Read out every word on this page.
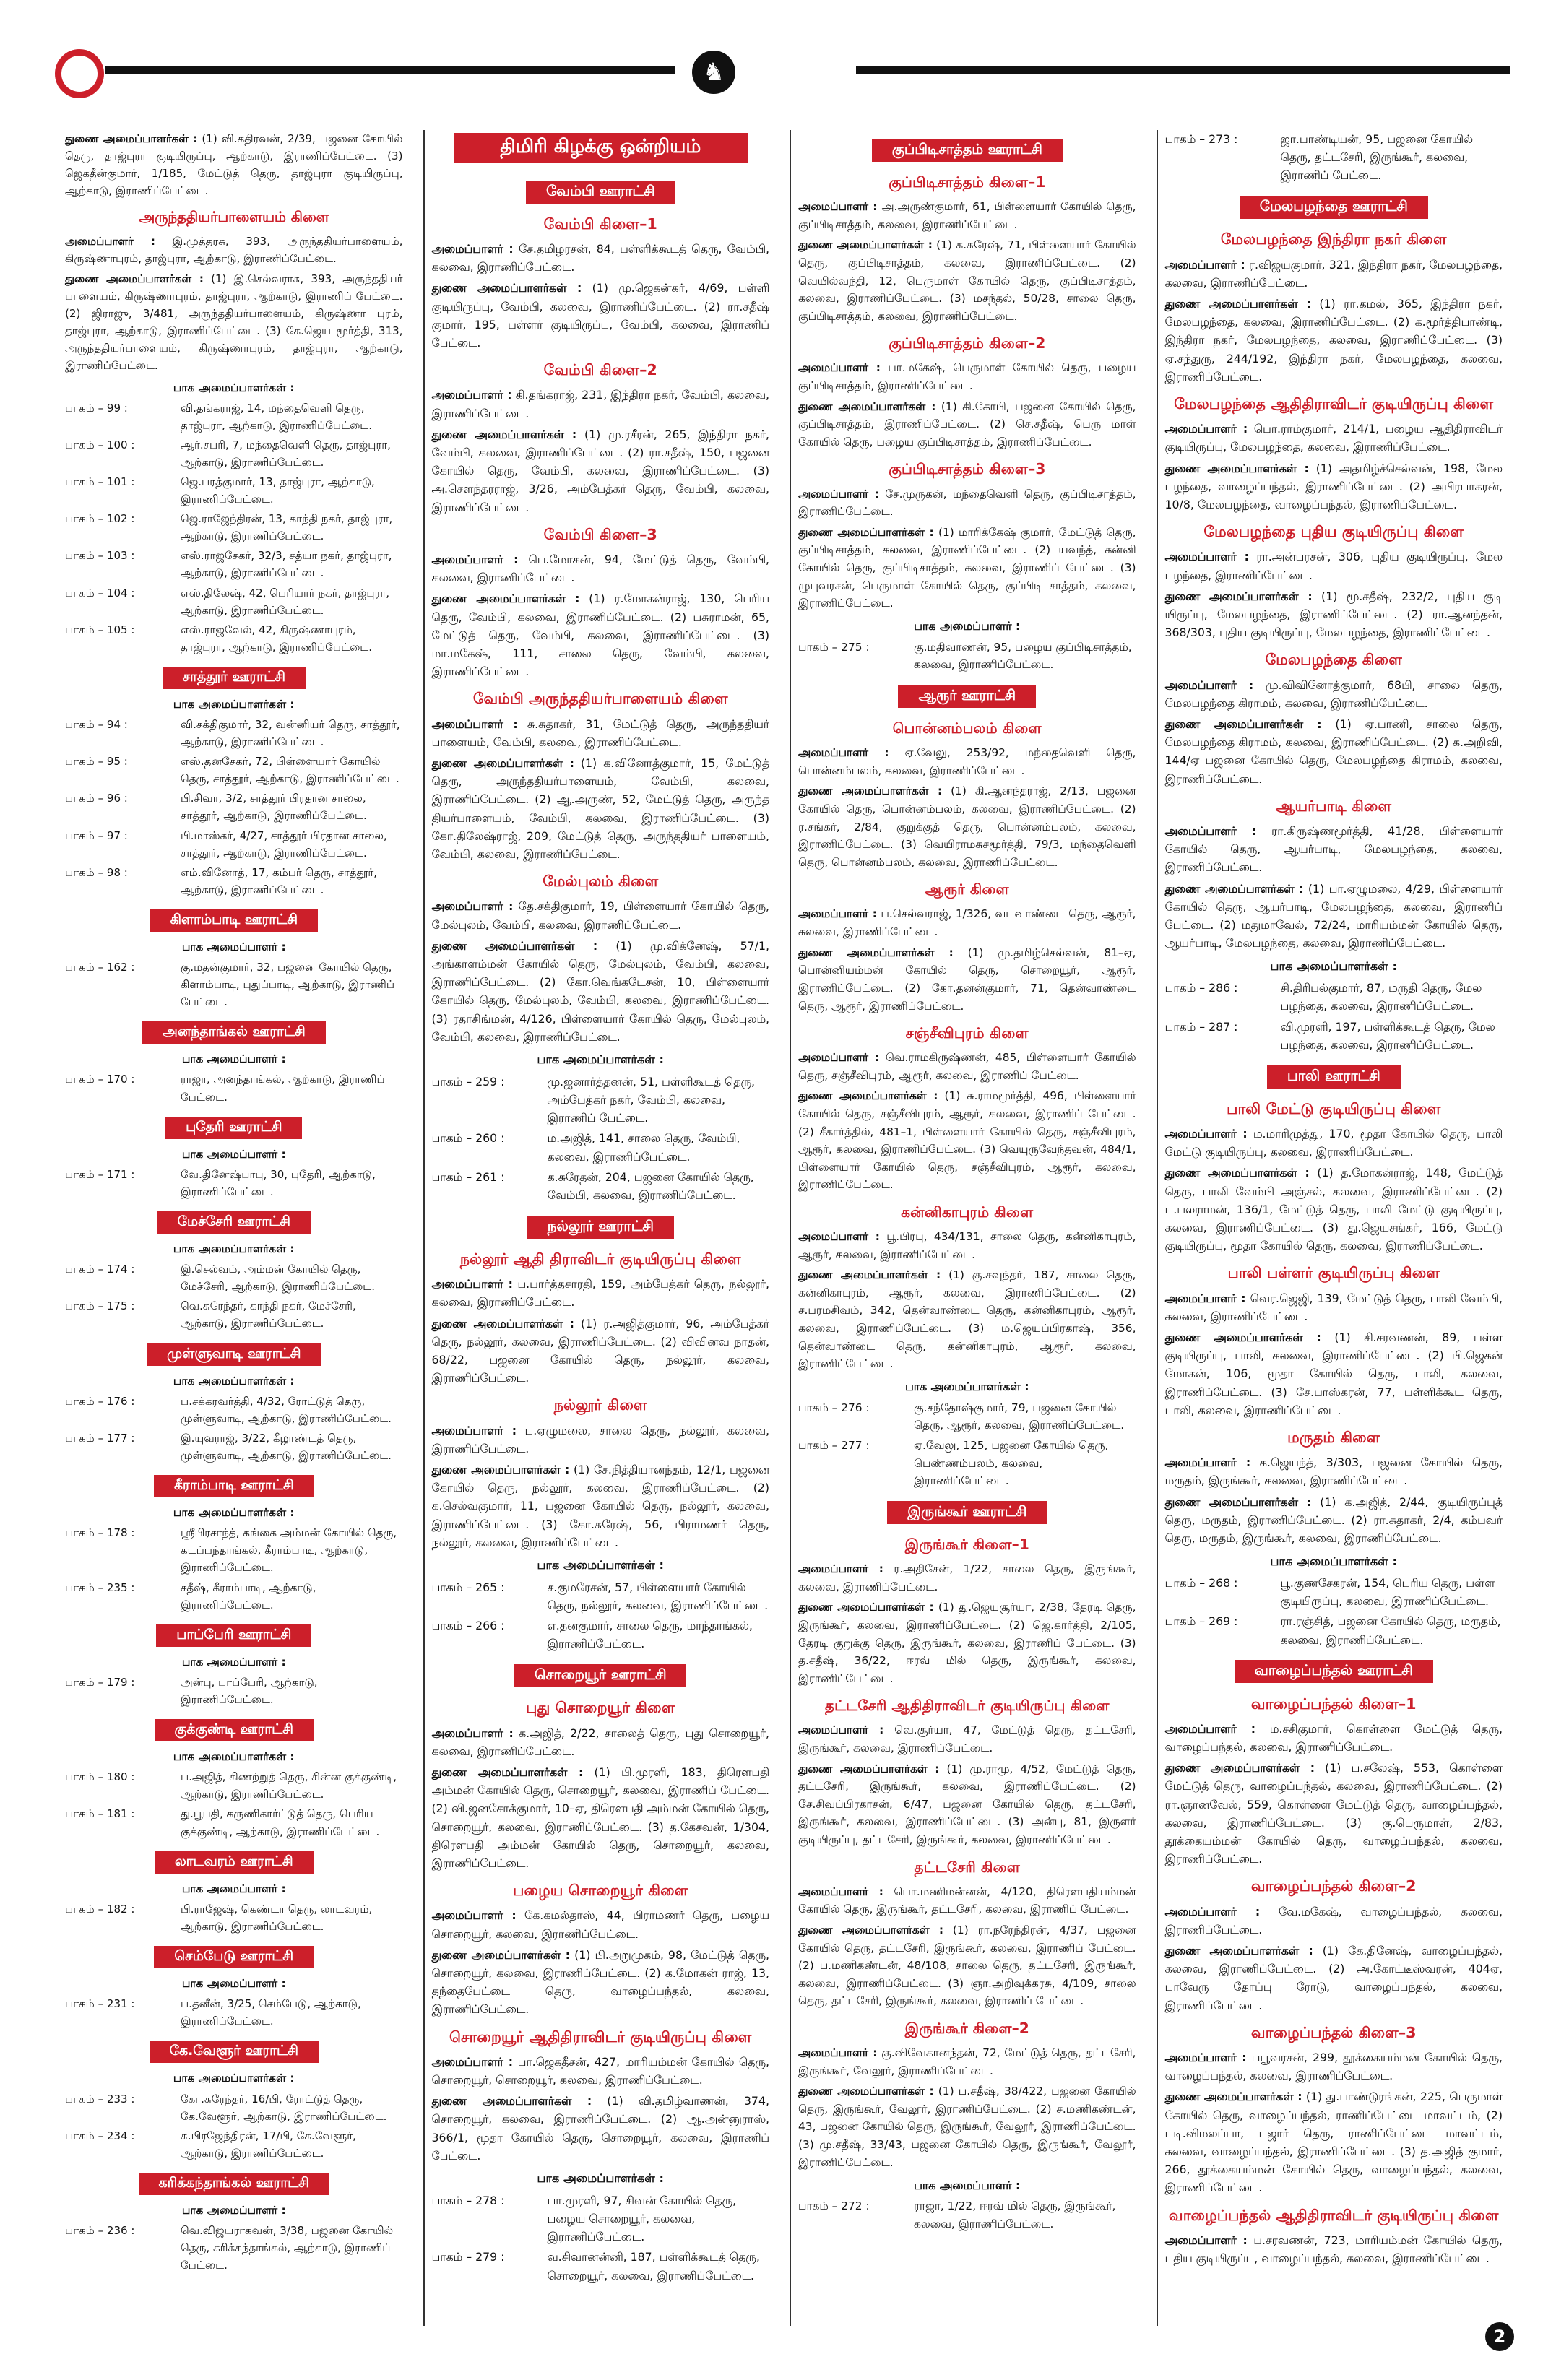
♞
துணை அமைப்பாளர்கள் : (1) வி.கதிரவன், 2/39, பஜனை கோயில் தெரு, தாஜ்புரா குடியிருப்பு, ஆற்காடு, இராணிப்பேட்டை. (3) ஜெகதீன்குமார், 1/185, மேட்டுத் தெரு, தாஜ்புரா குடியிருப்பு, ஆற்காடு, இராணிப்பேட்டை.
அருந்ததியர்பாளையம் கிளை
அமைப்பாளர் : இ.முத்தரசு, 393, அருந்ததியர்பாளையம், கிருஷ்ணாபுரம், தாஜ்புரா, ஆற்காடு, இராணிப்பேட்டை.
துணை அமைப்பாளர்கள் : (1) இ.செல்வராசு, 393, அருந்ததியர் பாளையம், கிருஷ்ணாபுரம், தாஜ்புரா, ஆற்காடு, இராணிப் பேட்டை. (2) ஜிராஜு, 3/481, அருந்ததியர்பாளையம், கிருஷ்ணா புரம், தாஜ்புரா, ஆற்காடு, இராணிப்பேட்டை. (3) கே.ஜெய மூர்த்தி, 313, அருந்ததியர்பாளையம், கிருஷ்ணாபுரம், தாஜ்புரா, ஆற்காடு, இராணிப்பேட்டை.
பாக அமைப்பாளர்கள் :
பாகம் – 99 :	வி.தங்கராஜ், 14, மந்தைவெளி தெரு, தாஜ்புரா, ஆற்காடு, இராணிப்பேட்டை.
பாகம் – 100 :	ஆர்.சபரி, 7, மந்தைவெளி தெரு, தாஜ்புரா, ஆற்காடு, இராணிப்பேட்டை.
பாகம் – 101 :	ஜெ.பரத்குமார், 13, தாஜ்புரா, ஆற்காடு, இராணிப்பேட்டை.
பாகம் – 102 :	ஜெ.ராஜேந்திரன், 13, காந்தி நகர், தாஜ்புரா, ஆற்காடு, இராணிப்பேட்டை.
பாகம் – 103 :	எஸ்.ராஜசேகர், 32/3, சத்யா நகர், தாஜ்புரா, ஆற்காடு, இராணிப்பேட்டை.
பாகம் – 104 :	எஸ்.திலேஷ், 42, பெரியார் நகர், தாஜ்புரா, ஆற்காடு, இராணிப்பேட்டை.
பாகம் – 105 :	எஸ்.ராஜவேல், 42, கிருஷ்ணாபுரம், தாஜ்புரா, ஆற்காடு, இராணிப்பேட்டை.
சாத்தூர் ஊராட்சி
பாக அமைப்பாளர்கள் :
பாகம் – 94 :	வி.சக்திகுமார், 32, வன்னியர் தெரு, சாத்தூர், ஆற்காடு, இராணிப்பேட்டை.
பாகம் – 95 :	எஸ்.தனசேகர், 72, பிள்ளையார் கோயில் தெரு, சாத்தூர், ஆற்காடு, இராணிப்பேட்டை.
பாகம் – 96 :	பி.சிவா, 3/2, சாத்தூர் பிரதான சாலை, சாத்தூர், ஆற்காடு, இராணிப்பேட்டை.
பாகம் – 97 :	பி.மாஸ்கர், 4/27, சாத்தூர் பிரதான சாலை, சாத்தூர், ஆற்காடு, இராணிப்பேட்டை.
பாகம் – 98 :	எம்.வினோத், 17, கம்பர் தெரு, சாத்தூர், ஆற்காடு, இராணிப்பேட்டை.
கிளாம்பாடி ஊராட்சி
பாக அமைப்பாளர் :
பாகம் – 162 :	கு.மதன்குமார், 32, பஜனை கோயில் தெரு, கிளாம்பாடி, புதுப்பாடி, ஆற்காடு, இராணிப் பேட்டை.
அனந்தாங்கல் ஊராட்சி
பாக அமைப்பாளர் :
பாகம் – 170 :	ராஜா, அனந்தாங்கல், ஆற்காடு, இராணிப் பேட்டை.
புதேரி ஊராட்சி
பாக அமைப்பாளர் :
பாகம் – 171 :	வே.தினேஷ்பாபு, 30, புதேரி, ஆற்காடு, இராணிப்பேட்டை.
மேச்சேரி ஊராட்சி
பாக அமைப்பாளர்கள் :
பாகம் – 174 :	இ.செல்வம், அம்மன் கோயில் தெரு, மேச்சேரி, ஆற்காடு, இராணிப்பேட்டை.
பாகம் – 175 :	வெ.சுரேந்தர், காந்தி நகர், மேச்சேரி, ஆற்காடு, இராணிப்பேட்டை.
முள்ளுவாடி ஊராட்சி
பாக அமைப்பாளர்கள் :
பாகம் – 176 :	ப.சக்கரவர்த்தி, 4/32, ரோட்டுத் தெரு, முள்ளுவாடி, ஆற்காடு, இராணிப்பேட்டை.
பாகம் – 177 :	இ.யுவராஜ், 3/22, கீழாண்டத் தெரு, முள்ளுவாடி, ஆற்காடு, இராணிப்பேட்டை.
கீராம்பாடி ஊராட்சி
பாக அமைப்பாளர்கள் :
பாகம் – 178 :	ஸ்ரீபிரசாந்த், கங்கை அம்மன் கோயில் தெரு, கடப்பந்தாங்கல், கீராம்பாடி, ஆற்காடு, இராணிப்பேட்டை.
பாகம் – 235 :	சதீஷ், கீராம்பாடி, ஆற்காடு, இராணிப்பேட்டை.
பாப்பேரி ஊராட்சி
பாக அமைப்பாளர் :
பாகம் – 179 :	அன்பு, பாப்பேரி, ஆற்காடு, இராணிப்பேட்டை.
குக்குண்டி ஊராட்சி
பாக அமைப்பாளர்கள் :
பாகம் – 180 :	ப.அஜித், கிணற்றுத் தெரு, சின்ன குக்குண்டி, ஆற்காடு, இராணிப்பேட்டை.
பாகம் – 181 :	து.பூபதி, கருணிகார்ட்டுத் தெரு, பெரிய குக்குண்டி, ஆற்காடு, இராணிப்பேட்டை.
லாடவரம் ஊராட்சி
பாக அமைப்பாளர் :
பாகம் – 182 :	பி.ராஜேஷ், கெண்டா தெரு, லாடவரம், ஆற்காடு, இராணிப்பேட்டை.
செம்பேடு ஊராட்சி
பாக அமைப்பாளர் :
பாகம் – 231 :	ப.தனீன், 3/25, செம்பேடு, ஆற்காடு, இராணிப்பேட்டை.
கே.வேளூர் ஊராட்சி
பாக அமைப்பாளர்கள் :
பாகம் – 233 :	கோ.சுரேந்தர், 16/பி, ரோட்டுத் தெரு, கே.வேளூர், ஆற்காடு, இராணிப்பேட்டை.
பாகம் – 234 :	சு.பிரஜேந்திரன், 17/பி, கே.வேளூர், ஆற்காடு, இராணிப்பேட்டை.
கரிக்கந்தாங்கல் ஊராட்சி
பாக அமைப்பாளர் :
பாகம் – 236 :	வெ.விஜயராகவன், 3/38, பஜனை கோயில் தெரு, கரிக்கந்தாங்கல், ஆற்காடு, இராணிப் பேட்டை.
திமிரி கிழக்கு ஒன்றியம்
வேம்பி ஊராட்சி
வேம்பி கிளை–1
அமைப்பாளர் : சே.தமிழரசன், 84, பள்ளிக்கூடத் தெரு, வேம்பி, கலவை, இராணிப்பேட்டை.
துணை அமைப்பாளர்கள் : (1) மு.ஜெகன்கர், 4/69, பள்ளி குடியிருப்பு, வேம்பி, கலவை, இராணிப்பேட்டை. (2) ரா.சதீஷ் குமார், 195, பள்ளர் குடியிருப்பு, வேம்பி, கலவை, இராணிப் பேட்டை.
வேம்பி கிளை–2
அமைப்பாளர் : கி.தங்கராஜ், 231, இந்திரா நகர், வேம்பி, கலவை, இராணிப்பேட்டை.
துணை அமைப்பாளர்கள் : (1) மு.ரசீரன், 265, இந்திரா நகர், வேம்பி, கலவை, இராணிப்பேட்டை. (2) ரா.சதீஷ், 150, பஜனை கோயில் தெரு, வேம்பி, கலவை, இராணிப்பேட்டை. (3) அ.சௌந்தரராஜ், 3/26, அம்பேத்கர் தெரு, வேம்பி, கலவை, இராணிப்பேட்டை.
வேம்பி கிளை–3
அமைப்பாளர் : பெ.மோகன், 94, மேட்டுத் தெரு, வேம்பி, கலவை, இராணிப்பேட்டை.
துணை அமைப்பாளர்கள் : (1) ர.மோகன்ராஜ், 130, பெரிய தெரு, வேம்பி, கலவை, இராணிப்பேட்டை. (2) பசுராமன், 65, மேட்டுத் தெரு, வேம்பி, கலவை, இராணிப்பேட்டை. (3) மா.மகேஷ், 111, சாலை தெரு, வேம்பி, கலவை, இராணிப்பேட்டை.
வேம்பி அருந்ததியர்பாளையம் கிளை
அமைப்பாளர் : சு.சுதாகர், 31, மேட்டுத் தெரு, அருந்ததியர் பாளையம், வேம்பி, கலவை, இராணிப்பேட்டை.
துணை அமைப்பாளர்கள் : (1) க.வினோத்குமார், 15, மேட்டுத் தெரு, அருந்ததியர்பாளையம், வேம்பி, கலவை, இராணிப்பேட்டை. (2) ஆ.அருண், 52, மேட்டுத் தெரு, அருந்த தியர்பாளையம், வேம்பி, கலவை, இராணிப்பேட்டை. (3) கோ.திலேஷ்ராஜ், 209, மேட்டுத் தெரு, அருந்ததியர் பாளையம், வேம்பி, கலவை, இராணிப்பேட்டை.
மேல்புலம் கிளை
அமைப்பாளர் : தே.சக்திகுமார், 19, பிள்ளையார் கோயில் தெரு, மேல்புலம், வேம்பி, கலவை, இராணிப்பேட்டை.
துணை அமைப்பாளர்கள் : (1) மு.விக்னேஷ், 57/1, அங்காளம்மன் கோயில் தெரு, மேல்புலம், வேம்பி, கலவை, இராணிப்பேட்டை. (2) கோ.வெங்கடேசன், 10, பிள்ளையார் கோயில் தெரு, மேல்புலம், வேம்பி, கலவை, இராணிப்பேட்டை. (3) ரதாசிங்மன், 4/126, பிள்ளையார் கோயில் தெரு, மேல்புலம், வேம்பி, கலவை, இராணிப்பேட்டை.
பாக அமைப்பாளர்கள் :
பாகம் – 259 :	மு.ஜனார்த்தனன், 51, பள்ளிகூடத் தெரு, அம்பேத்கர் நகர், வேம்பி, கலவை, இராணிப் பேட்டை.
பாகம் – 260 :	ம.அஜித், 141, சாலை தெரு, வேம்பி, கலவை, இராணிப்பேட்டை.
பாகம் – 261 :	க.சுரேதன், 204, பஜனை கோயில் தெரு, வேம்பி, கலவை, இராணிப்பேட்டை.
நல்லூர் ஊராட்சி
நல்லூர் ஆதி திராவிடர் குடியிருப்பு கிளை
அமைப்பாளர் : ப.பார்த்தசாரதி, 159, அம்பேத்கர் தெரு, நல்லூர், கலவை, இராணிப்பேட்டை.
துணை அமைப்பாளர்கள் : (1) ர.அஜித்குமார், 96, அம்பேத்கர் தெரு, நல்லூர், கலவை, இராணிப்பேட்டை. (2) விவினவ நாதன், 68/22, பஜனை கோயில் தெரு, நல்லூர், கலவை, இராணிப்பேட்டை.
நல்லூர் கிளை
அமைப்பாளர் : ப.ஏழுமலை, சாலை தெரு, நல்லூர், கலவை, இராணிப்பேட்டை.
துணை அமைப்பாளர்கள் : (1) சே.நித்தியானந்தம், 12/1, பஜனை கோயில் தெரு, நல்லூர், கலவை, இராணிப்பேட்டை. (2) க.செல்வகுமார், 11, பஜனை கோயில் தெரு, நல்லூர், கலவை, இராணிப்பேட்டை. (3) கோ.சுரேஷ், 56, பிராமணர் தெரு, நல்லூர், கலவை, இராணிப்பேட்டை.
பாக அமைப்பாளர்கள் :
பாகம் – 265 :	ச.குமரேசன், 57, பிள்ளையார் கோயில் தெரு, நல்லூர், கலவை, இராணிப்பேட்டை.
பாகம் – 266 :	எ.தனகுமார், சாலை தெரு, மாந்தாங்கல், இராணிப்பேட்டை.
சொறையூர் ஊராட்சி
புது சொறையூர் கிளை
அமைப்பாளர் : க.அஜித், 2/22, சாலைத் தெரு, புது சொறையூர், கலவை, இராணிப்பேட்டை.
துணை அமைப்பாளர்கள் : (1) பி.முரளி, 183, திரௌபதி அம்மன் கோயில் தெரு, சொறையூர், கலவை, இராணிப் பேட்டை. (2) வி.ஜனசோக்குமார், 10–ஏ, திரௌபதி அம்மன் கோயில் தெரு, சொறையூர், கலவை, இராணிப்பேட்டை. (3) த.கேசவன், 1/304, திரௌபதி அம்மன் கோயில் தெரு, சொறையூர், கலவை, இராணிப்பேட்டை.
பழைய சொறையூர் கிளை
அமைப்பாளர் : கே.கமல்தாஸ், 44, பிராமணர் தெரு, பழைய சொறையூர், கலவை, இராணிப்பேட்டை.
துணை அமைப்பாளர்கள் : (1) பி.அறுமுகம், 98, மேட்டுத் தெரு, சொறையூர், கலவை, இராணிப்பேட்டை. (2) க.மோகன் ராஜ், 13, தந்தைபேட்டை தெரு, வாழைப்பந்தல், கலவை, இராணிப்பேட்டை.
சொறையூர் ஆதிதிராவிடர் குடியிருப்பு கிளை
அமைப்பாளர் : பா.ஜெகதீசன், 427, மாரியம்மன் கோயில் தெரு, சொறையூர், சொறையூர், கலவை, இராணிப்பேட்டை.
துணை அமைப்பாளர்கள் : (1) வி.தமிழ்வாணன், 374, சொறையூர், கலவை, இராணிப்பேட்டை. (2) ஆ.அன்னுராஸ், 366/1, மூதா கோயில் தெரு, சொறையூர், கலவை, இராணிப் பேட்டை.
பாக அமைப்பாளர்கள் :
பாகம் – 278 :	பா.முரளி, 97, சிவன் கோயில் தெரு, பழைய சொறையூர், கலவை, இராணிப்பேட்டை.
பாகம் – 279 :	வ.சிவானன்னி, 187, பள்ளிக்கூடத் தெரு, சொறையூர், கலவை, இராணிப்பேட்டை.
குப்பிடிசாத்தம் ஊராட்சி
குப்பிடிசாத்தம் கிளை–1
அமைப்பாளர் : அ.அருண்குமார், 61, பிள்ளையார் கோயில் தெரு, குப்பிடிசாத்தம், கலவை, இராணிப்பேட்டை.
துணை அமைப்பாளர்கள் : (1) க.சுரேஷ், 71, பிள்ளையார் கோயில் தெரு, குப்பிடிசாத்தம், கலவை, இராணிப்பேட்டை. (2) வெயில்வந்தி, 12, பெருமாள் கோயில் தெரு, குப்பிடிசாத்தம், கலவை, இராணிப்பேட்டை. (3) மசந்தல், 50/28, சாலை தெரு, குப்பிடிசாத்தம், கலவை, இராணிப்பேட்டை.
குப்பிடிசாத்தம் கிளை–2
அமைப்பாளர் : பா.மகேஷ், பெருமாள் கோயில் தெரு, பழைய குப்பிடிசாத்தம், இராணிப்பேட்டை.
துணை அமைப்பாளர்கள் : (1) கி.கோபி, பஜனை கோயில் தெரு, குப்பிடிசாத்தம், இராணிப்பேட்டை. (2) செ.சதீஷ், பெரு மாள் கோயில் தெரு, பழைய குப்பிடிசாத்தம், இராணிப்பேட்டை.
குப்பிடிசாத்தம் கிளை–3
அமைப்பாளர் : சே.முருகன், மந்தைவெளி தெரு, குப்பிடிசாத்தம், இராணிப்பேட்டை.
துணை அமைப்பாளர்கள் : (1) மாரிக்கேஷ் குமார், மேட்டுத் தெரு, குப்பிடிசாத்தம், கலவை, இராணிப்பேட்டை. (2) யவந்த், கன்னி கோயில் தெரு, குப்பிடிசாத்தம், கலவை, இராணிப் பேட்டை. (3) ழுபுவரசன், பெருமாள் கோயில் தெரு, குப்பிடி சாத்தம், கலவை, இராணிப்பேட்டை.
பாக அமைப்பாளர் :
பாகம் – 275 :	கு.மதிவாணன், 95, பழைய குப்பிடிசாத்தம், கலவை, இராணிப்பேட்டை.
ஆரூர் ஊராட்சி
பொன்னம்பலம் கிளை
அமைப்பாளர் : ஏ.வேலு, 253/92, மந்தைவெளி தெரு, பொன்னம்பலம், கலவை, இராணிப்பேட்டை.
துணை அமைப்பாளர்கள் : (1) கி.ஆனந்தராஜ், 2/13, பஜனை கோயில் தெரு, பொன்னம்பலம், கலவை, இராணிப்பேட்டை. (2) ர.சங்கர், 2/84, குறுக்குத் தெரு, பொன்னம்பலம், கலவை, இராணிப்பேட்டை. (3) வெயிராமசுசமூர்த்தி, 79/3, மந்தைவெளி தெரு, பொன்னம்பலம், கலவை, இராணிப்பேட்டை.
ஆரூர் கிளை
அமைப்பாளர் : ப.செல்வராஜ், 1/326, வடவாண்டை தெரு, ஆரூர், கலவை, இராணிப்பேட்டை.
துணை அமைப்பாளர்கள் : (1) மு.தமிழ்செல்வன், 81–ஏ, பொன்னியம்மன் கோயில் தெரு, சொறையூர், ஆரூர், இராணிப்பேட்டை. (2) கோ.தனன்குமார், 71, தென்வாண்டை தெரு, ஆரூர், இராணிப்பேட்டை.
சஞ்சீவிபுரம் கிளை
அமைப்பாளர் : வெ.ராமகிருஷ்ணன், 485, பிள்ளையார் கோயில் தெரு, சஞ்சீவிபுரம், ஆரூர், கலவை, இராணிப் பேட்டை.
துணை அமைப்பாளர்கள் : (1) சு.ராமமூர்த்தி, 496, பிள்ளையார் கோயில் தெரு, சஞ்சீவிபுரம், ஆரூர், கலவை, இராணிப் பேட்டை. (2) சீகார்த்தில், 481–1, பிள்ளையார் கோயில் தெரு, சஞ்சீவிபுரம், ஆரூர், கலவை, இராணிப்பேட்டை. (3) வெயுருவேந்தவன், 484/1, பிள்ளையார் கோயில் தெரு, சஞ்சீவிபுரம், ஆரூர், கலவை, இராணிப்பேட்டை.
கன்னிகாபுரம் கிளை
அமைப்பாளர் : பூ.பிரபு, 434/131, சாலை தெரு, கன்னிகாபுரம், ஆரூர், கலவை, இராணிப்பேட்டை.
துணை அமைப்பாளர்கள் : (1) கு.சவுந்தர், 187, சாலை தெரு, கன்னிகாபுரம், ஆரூர், கலவை, இராணிப்பேட்டை. (2) ச.பரமசிவம், 342, தென்வாண்டை தெரு, கன்னிகாபுரம், ஆரூர், கலவை, இராணிப்பேட்டை. (3) ம.ஜெயப்பிரகாஷ், 356, தென்வாண்டை தெரு, கன்னிகாபுரம், ஆரூர், கலவை, இராணிப்பேட்டை.
பாக அமைப்பாளர்கள் :
பாகம் – 276 :	கு.சந்தோஷ்குமார், 79, பஜனை கோயில் தெரு, ஆரூர், கலவை, இராணிப்பேட்டை.
பாகம் – 277 :	ஏ.வேலு, 125, பஜனை கோயில் தெரு, பெண்ணம்பலம், கலவை, இராணிப்பேட்டை.
இருங்கூர் ஊராட்சி
இருங்கூர் கிளை–1
அமைப்பாளர் : ர.அதிசேன், 1/22, சாலை தெரு, இருங்கூர், கலவை, இராணிப்பேட்டை.
துணை அமைப்பாளர்கள் : (1) து.ஜெயசூர்யா, 2/38, தேரடி தெரு, இருங்கூர், கலவை, இராணிப்பேட்டை. (2) ஜெ.கார்த்தி, 2/105, தேரடி குறுக்கு தெரு, இருங்கூர், கலவை, இராணிப் பேட்டை. (3) த.சதீஷ், 36/22, ஈரவ் மில் தெரு, இருங்கூர், கலவை, இராணிப்பேட்டை.
தட்டசேரி ஆதிதிராவிடர் குடியிருப்பு கிளை
அமைப்பாளர் : வெ.சூர்யா, 47, மேட்டுத் தெரு, தட்டசேரி, இருங்கூர், கலவை, இராணிப்பேட்டை.
துணை அமைப்பாளர்கள் : (1) மு.ராமு, 4/52, மேட்டுத் தெரு, தட்டசேரி, இருங்கூர், கலவை, இராணிப்பேட்டை. (2) சே.சிவப்பிரகாசன், 6/47, பஜனை கோயில் தெரு, தட்டசேரி, இருங்கூர், கலவை, இராணிப்பேட்டை. (3) அன்பு, 81, இருளர் குடியிருப்பு, தட்டசேரி, இருங்கூர், கலவை, இராணிப்பேட்டை.
தட்டசேரி கிளை
அமைப்பாளர் : பொ.மணிமன்னன், 4/120, திரௌபதியம்மன் கோயில் தெரு, இருங்கூர், தட்டசேரி, கலவை, இராணிப் பேட்டை.
துணை அமைப்பாளர்கள் : (1) ரா.நரேந்திரன், 4/37, பஜனை கோயில் தெரு, தட்டசேரி, இருங்கூர், கலவை, இராணிப் பேட்டை. (2) ப.மணிகண்டன், 48/108, சாலை தெரு, தட்டசேரி, இருங்கூர், கலவை, இராணிப்பேட்டை. (3) ஞா.அறிவுக்கரசு, 4/109, சாலை தெரு, தட்டசேரி, இருங்கூர், கலவை, இராணிப் பேட்டை.
இருங்கூர் கிளை–2
அமைப்பாளர் : கு.விவேகானந்தன், 72, மேட்டுத் தெரு, தட்டசேரி, இருங்கூர், வேலூர், இராணிப்பேட்டை.
துணை அமைப்பாளர்கள் : (1) ப.சதீஷ், 38/422, பஜனை கோயில் தெரு, இருங்கூர், வேலூர், இராணிப்பேட்டை. (2) ச.மணிகண்டன், 43, பஜனை கோயில் தெரு, இருங்கூர், வேலூர், இராணிப்பேட்டை. (3) மு.சதீஷ், 33/43, பஜனை கோயில் தெரு, இருங்கூர், வேலூர், இராணிப்பேட்டை.
பாக அமைப்பாளர் :
பாகம் – 272 :	ராஜா, 1/22, ஈரவ் மில் தெரு, இருங்கூர், கலவை, இராணிப்பேட்டை.
பாகம் – 273 :	ஜா.பாண்டியன், 95, பஜனை கோயில் தெரு, தட்டசேரி, இருங்கூர், கலவை, இராணிப் பேட்டை.
மேலபழந்தை ஊராட்சி
மேலபழந்தை இந்திரா நகர் கிளை
அமைப்பாளர் : ர.விஜயகுமார், 321, இந்திரா நகர், மேலபழந்தை, கலவை, இராணிப்பேட்டை.
துணை அமைப்பாளர்கள் : (1) ரா.கமல், 365, இந்திரா நகர், மேலபழந்தை, கலவை, இராணிப்பேட்டை. (2) க.மூர்த்திபாண்டி, இந்திரா நகர், மேலபழந்தை, கலவை, இராணிப்பேட்டை. (3) ஏ.சந்துரு, 244/192, இந்திரா நகர், மேலபழந்தை, கலவை, இராணிப்பேட்டை.
மேலபழந்தை ஆதிதிராவிடர் குடியிருப்பு கிளை
அமைப்பாளர் : பொ.ராம்குமார், 214/1, பழைய ஆதிதிராவிடர் குடியிருப்பு, மேலபழந்தை, கலவை, இராணிப்பேட்டை.
துணை அமைப்பாளர்கள் : (1) அதமிழ்ச்செல்வன், 198, மேல பழந்தை, வாழைப்பந்தல், இராணிப்பேட்டை. (2) அபிரபாகரன், 10/8, மேலபழந்தை, வாழைப்பந்தல், இராணிப்பேட்டை.
மேலபழந்தை புதிய குடியிருப்பு கிளை
அமைப்பாளர் : ரா.அன்பரசன், 306, புதிய குடியிருப்பு, மேல பழந்தை, இராணிப்பேட்டை.
துணை அமைப்பாளர்கள் : (1) மூ.சதீஷ், 232/2, புதிய குடி யிருப்பு, மேலபழந்தை, இராணிப்பேட்டை. (2) ரா.ஆனந்தன், 368/303, புதிய குடியிருப்பு, மேலபழந்தை, இராணிப்பேட்டை.
மேலபழந்தை கிளை
அமைப்பாளர் : மு.விவினோத்குமார், 68பி, சாலை தெரு, மேலபழந்தை கிராமம், கலவை, இராணிப்பேட்டை.
துணை அமைப்பாளர்கள் : (1) ஏ.பாணி, சாலை தெரு, மேலபழந்தை கிராமம், கலவை, இராணிப்பேட்டை. (2) க.அறிவி, 144/ஏ பஜனை கோயில் தெரு, மேலபழந்தை கிராமம், கலவை, இராணிப்பேட்டை.
ஆயர்பாடி கிளை
அமைப்பாளர் : ரா.கிருஷ்ணமூர்த்தி, 41/28, பிள்ளையார் கோயில் தெரு, ஆயர்பாடி, மேலபழந்தை, கலவை, இராணிப்பேட்டை.
துணை அமைப்பாளர்கள் : (1) பா.ஏழுமலை, 4/29, பிள்ளையார் கோயில் தெரு, ஆயர்பாடி, மேலபழந்தை, கலவை, இராணிப் பேட்டை. (2) மதுமாவேல், 72/24, மாரியம்மன் கோயில் தெரு, ஆயர்பாடி, மேலபழந்தை, கலவை, இராணிப்பேட்டை.
பாக அமைப்பாளர்கள் :
பாகம் – 286 :	சி.திரிபல்குமார், 87, மருதி தெரு, மேல பழந்தை, கலவை, இராணிப்பேட்டை.
பாகம் – 287 :	வி.முரளி, 197, பள்ளிக்கூடத் தெரு, மேல பழந்தை, கலவை, இராணிப்பேட்டை.
பாலி ஊராட்சி
பாலி மேட்டு குடியிருப்பு கிளை
அமைப்பாளர் : ம.மாரிமுத்து, 170, மூதா கோயில் தெரு, பாலி மேட்டு குடியிருப்பு, கலவை, இராணிப்பேட்டை.
துணை அமைப்பாளர்கள் : (1) த.மோகன்ராஜ், 148, மேட்டுத் தெரு, பாலி வேம்பி அஞ்சல், கலவை, இராணிப்பேட்டை. (2) பு.பலராமன், 136/1, மேட்டுத் தெரு, பாலி மேட்டு குடியிருப்பு, கலவை, இராணிப்பேட்டை. (3) து.ஜெயசங்கர், 166, மேட்டு குடியிருப்பு, மூதா கோயில் தெரு, கலவை, இராணிப்பேட்டை.
பாலி பள்ளர் குடியிருப்பு கிளை
அமைப்பாளர் : வெர.ஜெஜி, 139, மேட்டுத் தெரு, பாலி வேம்பி, கலவை, இராணிப்பேட்டை.
துணை அமைப்பாளர்கள் : (1) சி.சரவணன், 89, பள்ள குடியிருப்பு, பாலி, கலவை, இராணிப்பேட்டை. (2) பி.ஜெகன் மோகன், 106, மூதா கோயில் தெரு, பாலி, கலவை, இராணிப்பேட்டை. (3) சே.பாஸ்கரன், 77, பள்ளிக்கூட தெரு, பாலி, கலவை, இராணிப்பேட்டை.
மருதம் கிளை
அமைப்பாளர் : க.ஜெயந்த், 3/303, பஜனை கோயில் தெரு, மருதம், இருங்கூர், கலவை, இராணிப்பேட்டை.
துணை அமைப்பாளர்கள் : (1) க.அஜித், 2/44, குடியிருப்புத் தெரு, மருதம், இராணிப்பேட்டை. (2) ரா.சுதாகர், 2/4, கம்பவர் தெரு, மருதம், இருங்கூர், கலவை, இராணிப்பேட்டை.
பாக அமைப்பாளர்கள் :
பாகம் – 268 :	பூ.குணசேகரன், 154, பெரிய தெரு, பள்ள குடியிருப்பு, கலவை, இராணிப்பேட்டை.
பாகம் – 269 :	ரா.ரஞ்சித், பஜனை கோயில் தெரு, மருதம், கலவை, இராணிப்பேட்டை.
வாழைப்பந்தல் ஊராட்சி
வாழைப்பந்தல் கிளை–1
அமைப்பாளர் : ம.சசிகுமார், கொள்ளை மேட்டுத் தெரு, வாழைப்பந்தல், கலவை, இராணிப்பேட்டை.
துணை அமைப்பாளர்கள் : (1) ப.சலேஷ், 553, கொள்ளை மேட்டுத் தெரு, வாழைப்பந்தல், கலவை, இராணிப்பேட்டை. (2) ரா.ஞானவேல், 559, கொள்ளை மேட்டுத் தெரு, வாழைப்பந்தல், கலவை, இராணிப்பேட்டை. (3) கு.பெருமாள், 2/83, தூக்கையம்மன் கோயில் தெரு, வாழைப்பந்தல், கலவை, இராணிப்பேட்டை.
வாழைப்பந்தல் கிளை–2
அமைப்பாளர் : வே.மகேஷ், வாழைப்பந்தல், கலவை, இராணிப்பேட்டை.
துணை அமைப்பாளர்கள் : (1) கே.தினேஷ், வாழைப்பந்தல், கலவை, இராணிப்பேட்டை. (2) அ.கோட்டீஸ்வரன், 404ஏ, பாவேரு தோப்பு ரோடு, வாழைப்பந்தல், கலவை, இராணிப்பேட்டை.
வாழைப்பந்தல் கிளை–3
அமைப்பாளர் : பபூவரசன், 299, தூக்கையம்மன் கோயில் தெரு, வாழைப்பந்தல், கலவை, இராணிப்பேட்டை.
துணை அமைப்பாளர்கள் : (1) து.பாண்டுரங்கன், 225, பெருமாள் கோயில் தெரு, வாழைப்பந்தல், ராணிப்பேட்டை மாவட்டம், (2) படி.விமலப்பா, பஜார் தெரு, ராணிப்பேட்டை மாவட்டம், கலவை, வாழைப்பந்தல், இராணிப்பேட்டை. (3) த.அஜித் குமார், 266, தூக்கையம்மன் கோயில் தெரு, வாழைப்பந்தல், கலவை, இராணிப்பேட்டை.
வாழைப்பந்தல் ஆதிதிராவிடர் குடியிருப்பு கிளை
அமைப்பாளர் : ப.சரவணன், 723, மாரியம்மன் கோயில் தெரு, புதிய குடியிருப்பு, வாழைப்பந்தல், கலவை, இராணிப்பேட்டை.
2
